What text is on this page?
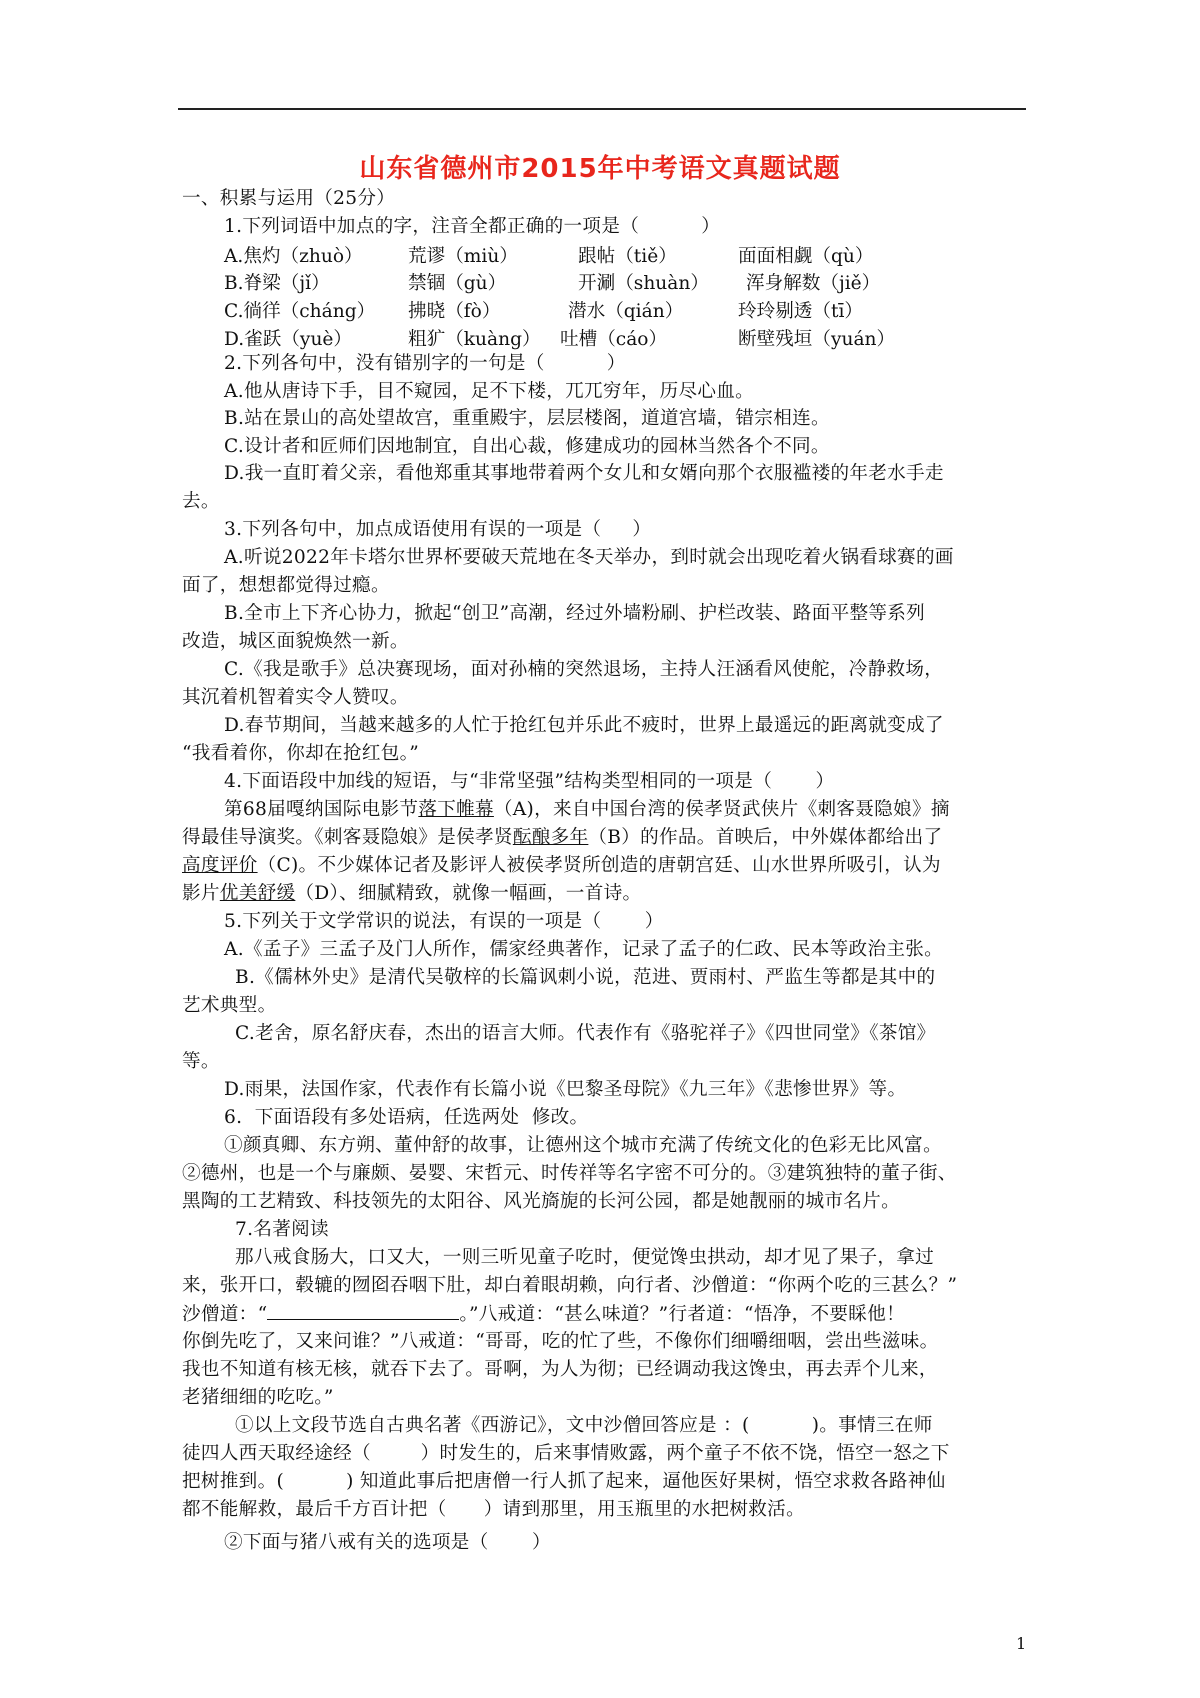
山东省德州市2015年中考语文真题试题
一、积累与运用（25分）
1.下列词语中加点的字，注音全都正确的一项是（          ）
A.焦灼（zhuò） 荒谬（miù）	跟帖（tiě）	面面相觑（qù）
B.脊梁（jǐ）	禁锢（gù）	开涮（shuàn） 浑身解数（jiě）
C.徜徉（cháng） 拂晓（fò）	潜水（qián）	玲玲剔透（tī）
D.雀跃（yuè）	粗犷（kuàng） 吐槽（cáo）	断壁残垣（yuán）
2.下列各句中，没有错别字的一句是（          ）
A.他从唐诗下手，目不窥园，足不下楼，兀兀穷年，历尽心血。
B.站在景山的高处望故宫，重重殿宇，层层楼阁，道道宫墙，错宗相连。
C.设计者和匠师们因地制宜，自出心裁，修建成功的园林当然各个不同。
D.我一直盯着父亲，看他郑重其事地带着两个女儿和女婿向那个衣服褴褛的年老水手走
去。
3.下列各句中，加点成语使用有误的一项是（     ）
A.听说2022年卡塔尔世界杯要破天荒地在冬天举办，到时就会出现吃着火锅看球赛的画
面了，想想都觉得过瘾。
B.全市上下齐心协力，掀起“创卫”高潮，经过外墙粉刷、护栏改装、路面平整等系列
改造，城区面貌焕然一新。
C.《我是歌手》总决赛现场，面对孙楠的突然退场，主持人汪涵看风使舵，冷静救场，
其沉着机智着实令人赞叹。
D.春节期间，当越来越多的人忙于抢红包并乐此不疲时，世界上最遥远的距离就变成了
“我看着你，你却在抢红包。”
4.下面语段中加线的短语，与“非常坚强”结构类型相同的一项是（       ）
第68届嘎纳国际电影节落下帷幕（A)，来自中国台湾的侯孝贤武侠片《刺客聂隐娘》摘
得最佳导演奖。《刺客聂隐娘》是侯孝贤酝酿多年（B）的作品。首映后，中外媒体都给出了
高度评价（C)。不少媒体记者及影评人被侯孝贤所创造的唐朝宫廷、山水世界所吸引，认为
影片优美舒缓（D）、细腻精致，就像一幅画，一首诗。
5.下列关于文学常识的说法，有误的一项是（       ）
A.《孟子》三孟子及门人所作，儒家经典著作，记录了孟子的仁政、民本等政治主张。
B.《儒林外史》是清代吴敬梓的长篇讽刺小说，范进、贾雨村、严监生等都是其中的
艺术典型。
C.老舍，原名舒庆春，杰出的语言大师。代表作有《骆驼祥子》《四世同堂》《茶馆》
等。
D.雨果，法国作家，代表作有长篇小说《巴黎圣母院》《九三年》《悲惨世界》等。
6.  下面语段有多处语病，任选两处  修改。
①颜真卿、东方朔、董仲舒的故事，让德州这个城市充满了传统文化的色彩无比风富。
②德州，也是一个与廉颇、晏婴、宋哲元、时传祥等名字密不可分的。③建筑独特的董子街、
黑陶的工艺精致、科技领先的太阳谷、风光旖旎的长河公园，都是她靓丽的城市名片。
7.名著阅读
那八戒食肠大，口又大，一则三听见童子吃时，便觉馋虫拱动，却才见了果子，拿过
来，张开口，毂辘的囫囵吞咽下肚，却白着眼胡赖，向行者、沙僧道：“你两个吃的三甚么？”
沙僧道：“	。”八戒道：“甚么味道？”行者道：“悟净，不要睬他！
你倒先吃了，又来问谁？”八戒道：“哥哥，吃的忙了些，不像你们细嚼细咽，尝出些滋味。
我也不知道有核无核，就吞下去了。哥啊，为人为彻；已经调动我这馋虫，再去弄个儿来，
老猪细细的吃吃。”
①以上文段节选自古典名著《西游记》，文中沙僧回答应是 ：(          )。事情三在师
徒四人西天取经途经（        ）时发生的，后来事情败露，两个童子不依不饶，悟空一怒之下
把树推到。(          ) 知道此事后把唐僧一行人抓了起来，逼他医好果树，悟空求救各路神仙
都不能解救，最后千方百计把（      ）请到那里，用玉瓶里的水把树救活。
②下面与猪八戒有关的选项是（       ）
1
